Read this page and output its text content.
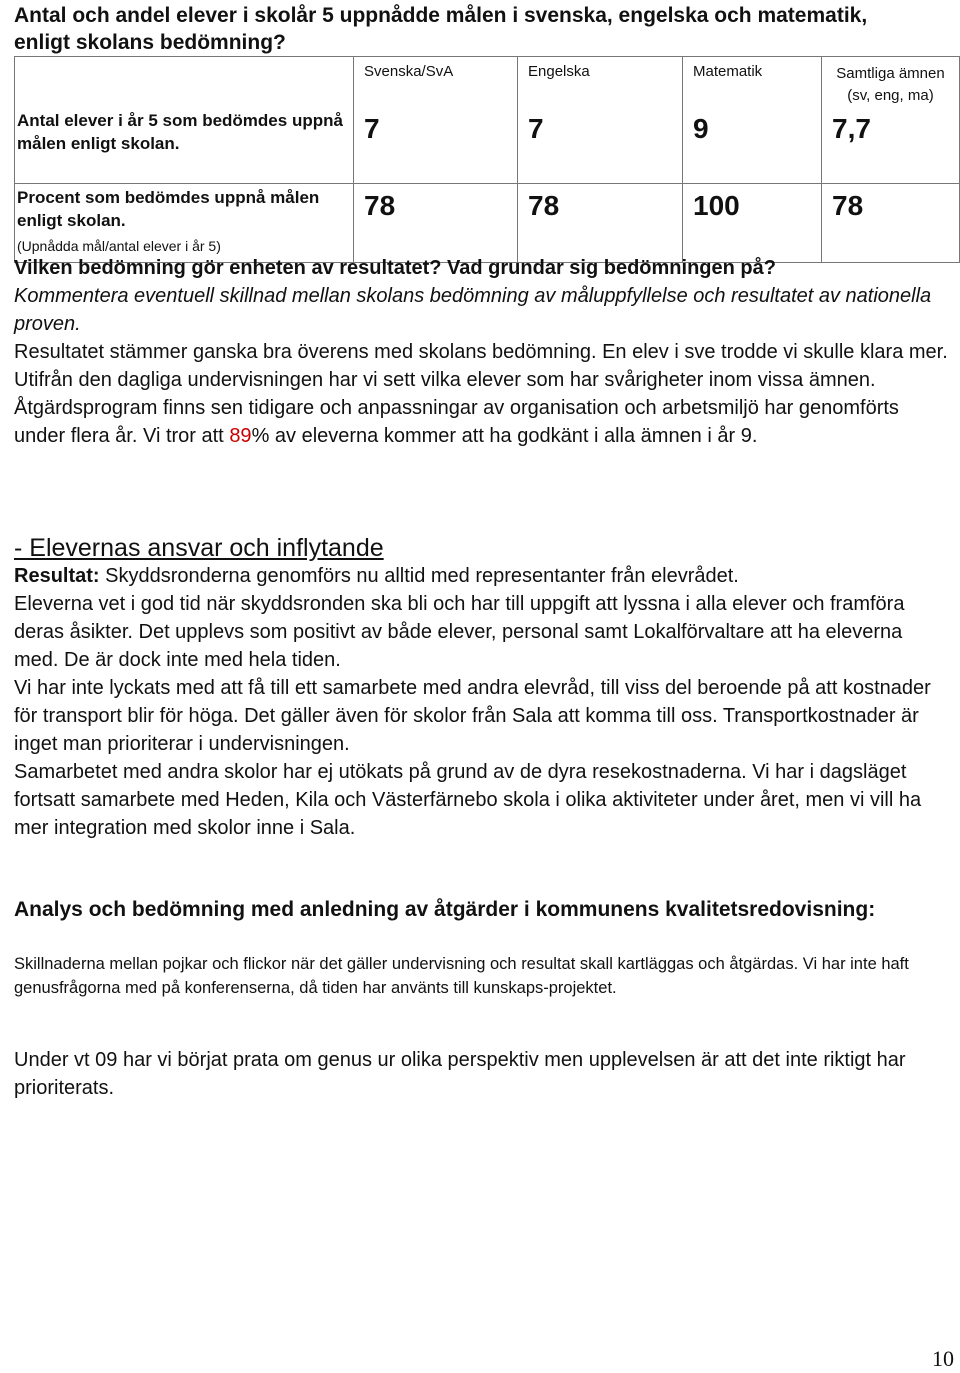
Antal och andel elever i skolår 5 uppnådde målen i svenska, engelska och matematik, enligt skolans bedömning?
	Svenska/SvA	Engelska	Matematik	Samtliga ämnen
(sv, eng, ma)

Antal elever i år 5 som bedömdes uppnå målen enligt skolan.	7	7	9	7,7
Procent som bedömdes uppnå målen enligt skolan.
(Upnådda mål/antal elever i år 5)	78	78	100	78

Vilken bedömning gör enheten av resultatet? Vad grundar sig bedömningen på?

Kommentera eventuell skillnad mellan skolans bedömning av måluppfyllelse och resultatet av nationella proven.

Resultatet stämmer ganska bra överens med skolans bedömning. En elev i sve trodde vi skulle klara mer. Utifrån den dagliga undervisningen har vi sett vilka elever som har svårigheter inom vissa ämnen. Åtgärdsprogram finns sen tidigare och anpassningar av organisation och arbetsmiljö har genomförts under flera år. Vi tror att 89% av eleverna kommer att ha godkänt i alla ämnen i år 9.

- Elevernas ansvar och inflytande

Resultat: Skyddsronderna genomförs nu alltid med representanter från elevrådet.

Eleverna vet i god tid när skyddsronden ska bli och har till uppgift att lyssna i alla elever och framföra deras åsikter. Det upplevs som positivt av både elever, personal samt Lokalförvaltare att ha eleverna med. De är dock inte med hela tiden.

Vi har inte lyckats med att få till ett samarbete med andra elevråd, till viss del beroende på att kostnader för transport blir för höga. Det gäller även för skolor från Sala att komma till oss. Transportkostnader är inget man prioriterar i undervisningen.

Samarbetet med andra skolor har ej utökats på grund av de dyra resekostnaderna. Vi har i dagsläget fortsatt samarbete med Heden, Kila och Västerfärnebo skola i olika aktiviteter under året, men vi vill ha mer integration med skolor inne i Sala.

Analys och bedömning med anledning av åtgärder i kommunens kvalitetsredovisning:
Skillnaderna mellan pojkar och flickor när det gäller undervisning och resultat skall kartläggas och åtgärdas. Vi har inte haft genusfrågorna med på konferenserna, då tiden har använts till kunskaps-projektet.
Under vt 09 har vi börjat prata om genus ur olika perspektiv men upplevelsen är att det inte riktigt har prioriterats.
10
